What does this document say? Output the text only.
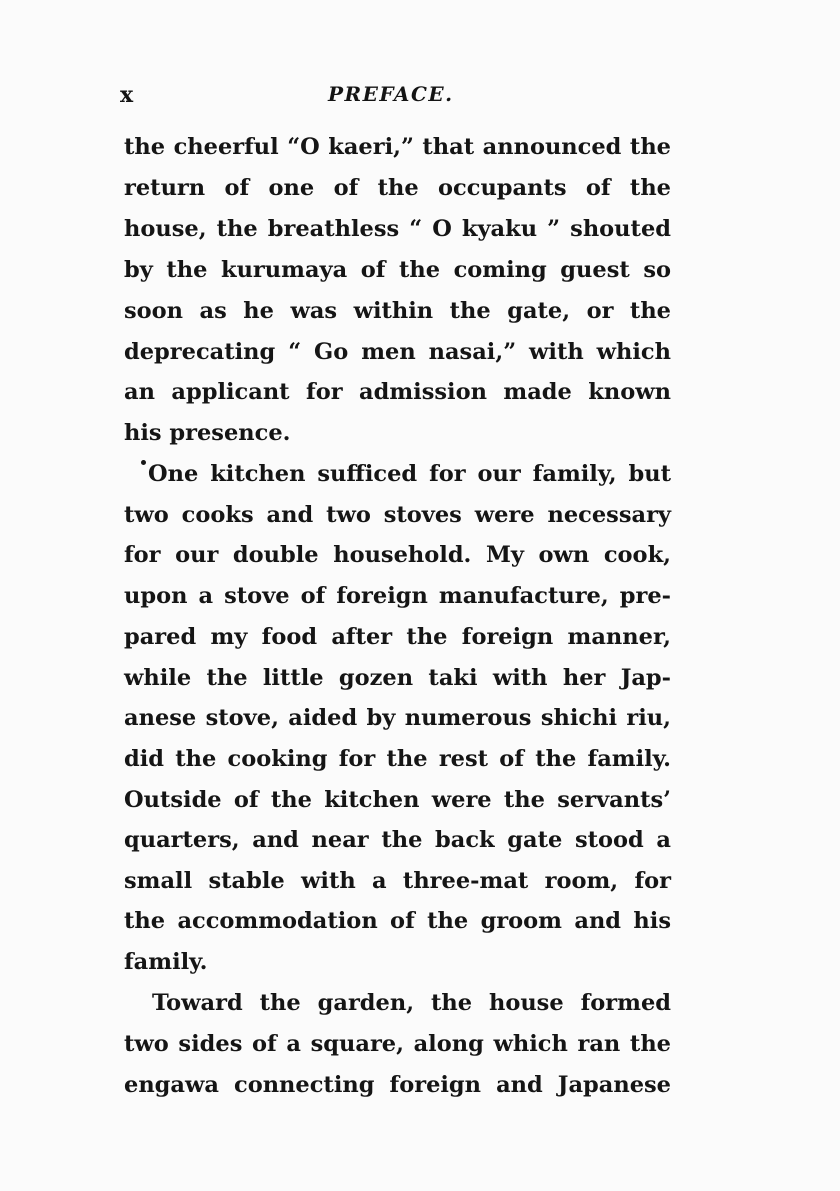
x	PREFACE.
the cheerful “O kaeri,” that announced the
return of one of the occupants of the
house, the breathless “ O kyaku ” shouted
by the kurumaya of the coming guest so
soon as he was within the gate, or the
deprecating “ Go men nasai,” with which
an applicant for admission made known
his presence.
One kitchen sufficed for our family, but
two cooks and two stoves were necessary
for our double household. My own cook,
upon a stove of foreign manufacture, pre-
pared my food after the foreign manner,
while the little gozen taki with her Jap-
anese stove, aided by numerous shichi riu,
did the cooking for the rest of the family.
Outside of the kitchen were the servants’
quarters, and near the back gate stood a
small stable with a three-mat room, for
the accommodation of the groom and his
family.
Toward the garden, the house formed
two sides of a square, along which ran the
engawa connecting foreign and Japanese
